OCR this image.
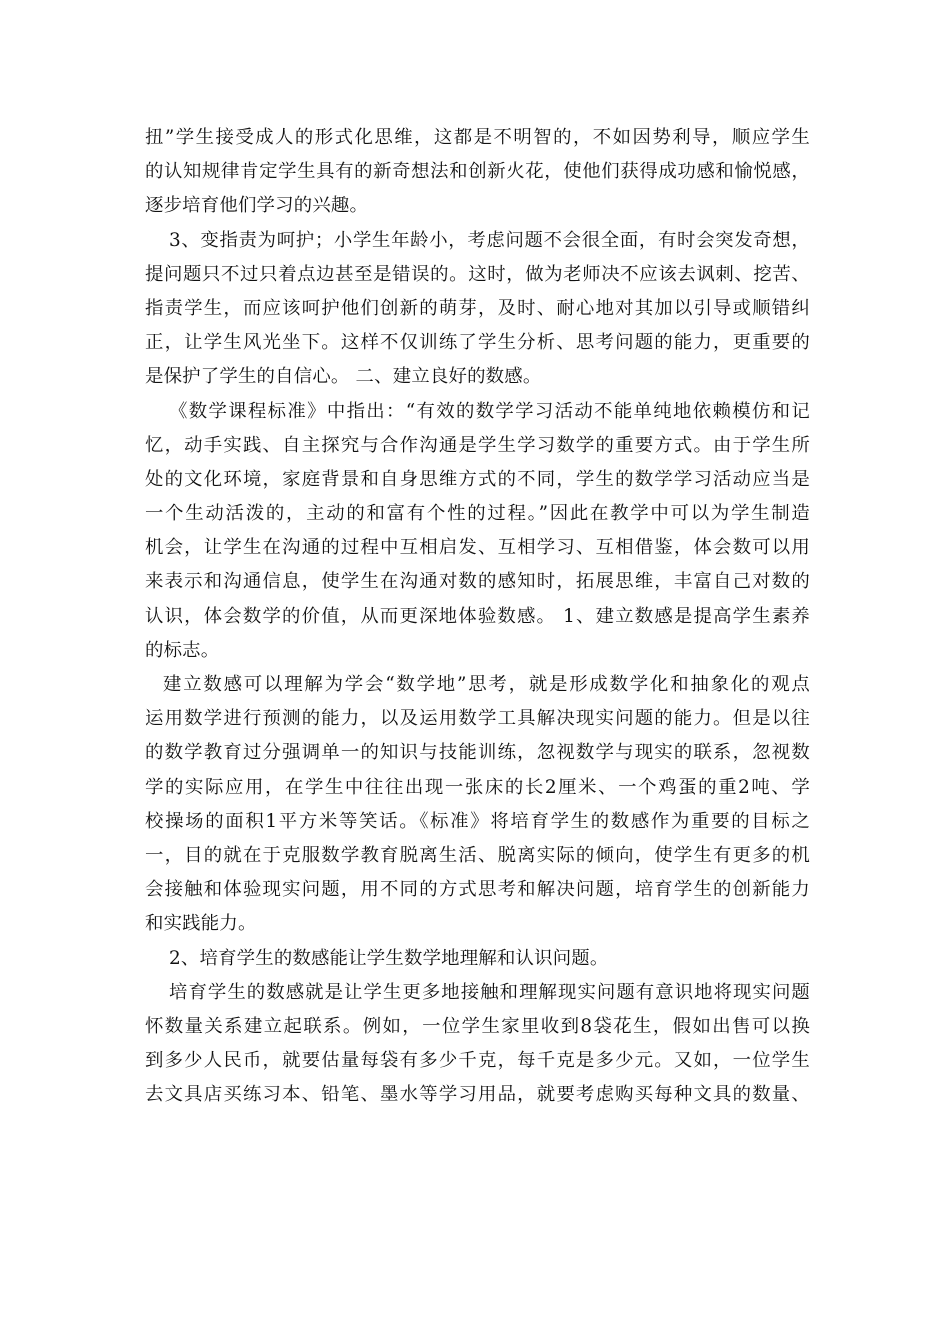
扭”学生接受成人的形式化思维，这都是不明智的，不如因势利导，顺应学生
的认知规律肯定学生具有的新奇想法和创新火花，使他们获得成功感和愉悦感，
逐步培育他们学习的兴趣。
3、变指责为呵护；小学生年龄小，考虑问题不会很全面，有时会突发奇想，
提问题只不过只着点边甚至是错误的。这时，做为老师决不应该去讽刺、挖苦、
指责学生，而应该呵护他们创新的萌芽，及时、耐心地对其加以引导或顺错纠
正，让学生风光坐下。这样不仅训练了学生分析、思考问题的能力，更重要的
是保护了学生的自信心。 二、建立良好的数感。
《数学课程标准》中指出：“有效的数学学习活动不能单纯地依赖模仿和记
忆，动手实践、自主探究与合作沟通是学生学习数学的重要方式。由于学生所
处的文化环境，家庭背景和自身思维方式的不同，学生的数学学习活动应当是
一个生动活泼的，主动的和富有个性的过程。”因此在教学中可以为学生制造
机会，让学生在沟通的过程中互相启发、互相学习、互相借鉴，体会数可以用
来表示和沟通信息，使学生在沟通对数的感知时，拓展思维，丰富自己对数的
认识，体会数学的价值，从而更深地体验数感。 1、建立数感是提高学生素养
的标志。
建立数感可以理解为学会“数学地”思考，就是形成数学化和抽象化的观点
运用数学进行预测的能力，以及运用数学工具解决现实问题的能力。但是以往
的数学教育过分强调单一的知识与技能训练，忽视数学与现实的联系，忽视数
学的实际应用，在学生中往往出现一张床的长2厘米、一个鸡蛋的重2吨、学
校操场的面积1平方米等笑话。《标准》将培育学生的数感作为重要的目标之
一，目的就在于克服数学教育脱离生活、脱离实际的倾向，使学生有更多的机
会接触和体验现实问题，用不同的方式思考和解决问题，培育学生的创新能力
和实践能力。
2、培育学生的数感能让学生数学地理解和认识问题。
培育学生的数感就是让学生更多地接触和理解现实问题有意识地将现实问题
怀数量关系建立起联系。例如，一位学生家里收到8袋花生，假如出售可以换
到多少人民币，就要估量每袋有多少千克，每千克是多少元。又如，一位学生
去文具店买练习本、铅笔、墨水等学习用品，就要考虑购买每种文具的数量、
